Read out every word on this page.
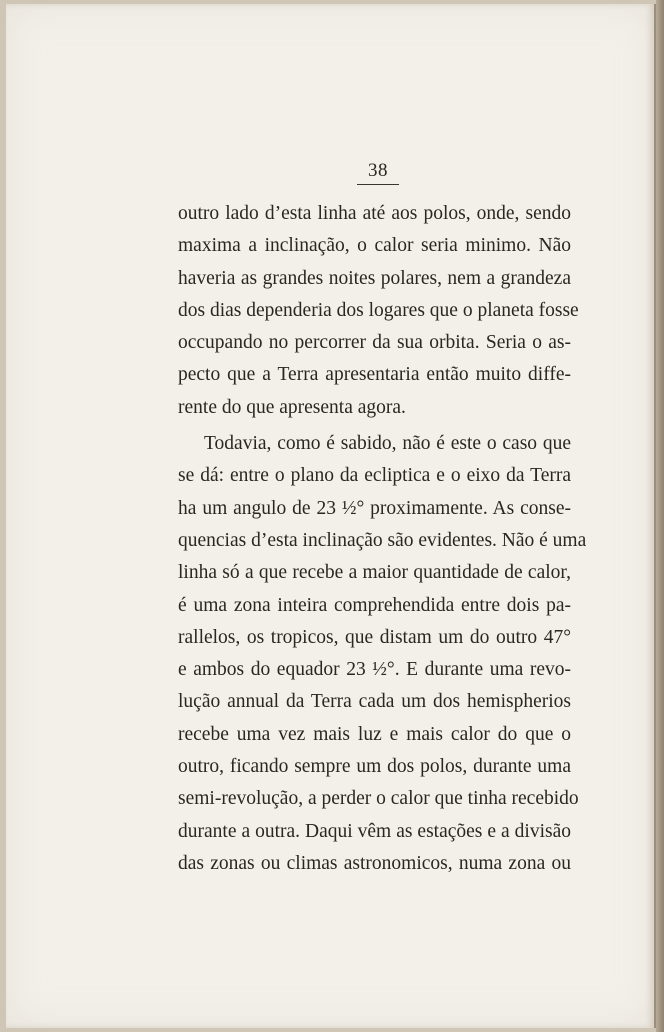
38
outro lado d’esta linha até aos polos, onde, sendo
maxima a inclinação, o calor seria minimo. Não
haveria as grandes noites polares, nem a grandeza
dos dias dependeria dos logares que o planeta fosse
occupando no percorrer da sua orbita. Seria o as-
pecto que a Terra apresentaria então muito diffe-
rente do que apresenta agora.
Todavia, como é sabido, não é este o caso que
se dá: entre o plano da ecliptica e o eixo da Terra
ha um angulo de 23 ½° proximamente. As conse-
quencias d’esta inclinação são evidentes. Não é uma
linha só a que recebe a maior quantidade de calor,
é uma zona inteira comprehendida entre dois pa-
rallelos, os tropicos, que distam um do outro 47°
e ambos do equador 23 ½°. E durante uma revo-
lução annual da Terra cada um dos hemispherios
recebe uma vez mais luz e mais calor do que o
outro, ficando sempre um dos polos, durante uma
semi-revolução, a perder o calor que tinha recebido
durante a outra. Daqui vêm as estações e a divisão
das zonas ou climas astronomicos, numa zona ou
